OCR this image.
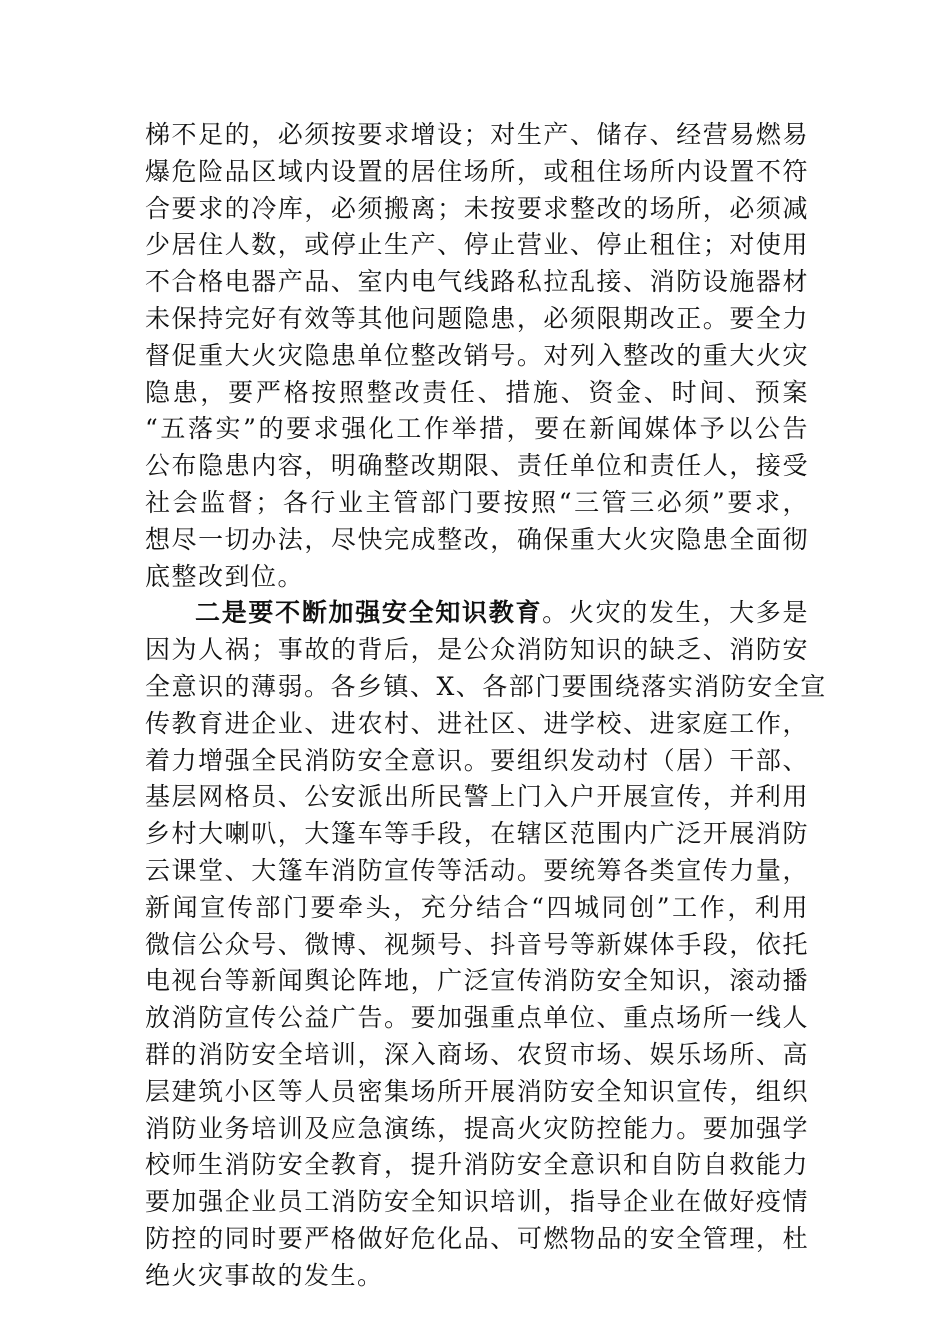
梯不足的，必须按要求增设；对生产、储存、经营易燃易
爆危险品区域内设置的居住场所，或租住场所内设置不符
合要求的冷库，必须搬离；未按要求整改的场所，必须减
少居住人数，或停止生产、停止营业、停止租住；对使用
不合格电器产品、室内电气线路私拉乱接、消防设施器材
未保持完好有效等其他问题隐患，必须限期改正。要全力
督促重大火灾隐患单位整改销号。对列入整改的重大火灾
隐患，要严格按照整改责任、措施、资金、时间、预案
“五落实”的要求强化工作举措，要在新闻媒体予以公告
公布隐患内容，明确整改期限、责任单位和责任人，接受
社会监督；各行业主管部门要按照“三管三必须”要求，
想尽一切办法，尽快完成整改，确保重大火灾隐患全面彻
底整改到位。
二是要不断加强安全知识教育。火灾的发生，大多是
因为人祸；事故的背后，是公众消防知识的缺乏、消防安
全意识的薄弱。各乡镇、X、各部门要围绕落实消防安全宣
传教育进企业、进农村、进社区、进学校、进家庭工作，
着力增强全民消防安全意识。要组织发动村（居）干部、
基层网格员、公安派出所民警上门入户开展宣传，并利用
乡村大喇叭，大篷车等手段，在辖区范围内广泛开展消防
云课堂、大篷车消防宣传等活动。要统筹各类宣传力量，
新闻宣传部门要牵头，充分结合“四城同创”工作，利用
微信公众号、微博、视频号、抖音号等新媒体手段，依托
电视台等新闻舆论阵地，广泛宣传消防安全知识，滚动播
放消防宣传公益广告。要加强重点单位、重点场所一线人
群的消防安全培训，深入商场、农贸市场、娱乐场所、高
层建筑小区等人员密集场所开展消防安全知识宣传，组织
消防业务培训及应急演练，提高火灾防控能力。要加强学
校师生消防安全教育，提升消防安全意识和自防自救能力
要加强企业员工消防安全知识培训，指导企业在做好疫情
防控的同时要严格做好危化品、可燃物品的安全管理，杜
绝火灾事故的发生。
